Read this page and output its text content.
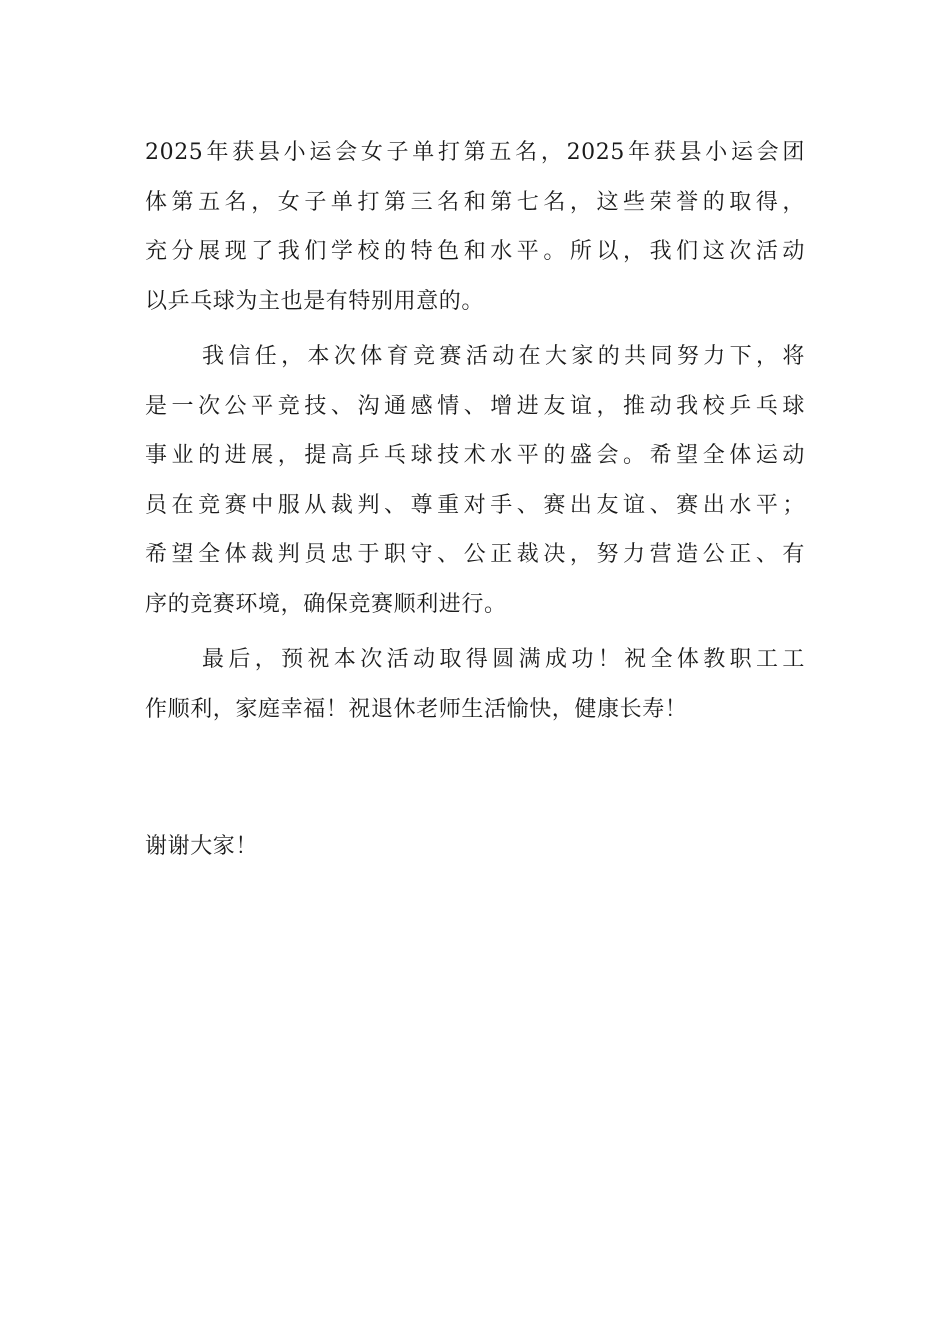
2025年获县小运会女子单打第五名，2025年获县小运会团
体第五名，女子单打第三名和第七名，这些荣誉的取得，
充分展现了我们学校的特色和水平。所以，我们这次活动
以乒乓球为主也是有特别用意的。
我信任，本次体育竞赛活动在大家的共同努力下，将
是一次公平竞技、沟通感情、增进友谊，推动我校乒乓球
事业的进展，提高乒乓球技术水平的盛会。希望全体运动
员在竞赛中服从裁判、尊重对手、赛出友谊、赛出水平；
希望全体裁判员忠于职守、公正裁决，努力营造公正、有
序的竞赛环境，确保竞赛顺利进行。
最后，预祝本次活动取得圆满成功！祝全体教职工工
作顺利，家庭幸福！祝退休老师生活愉快，健康长寿！
谢谢大家！
